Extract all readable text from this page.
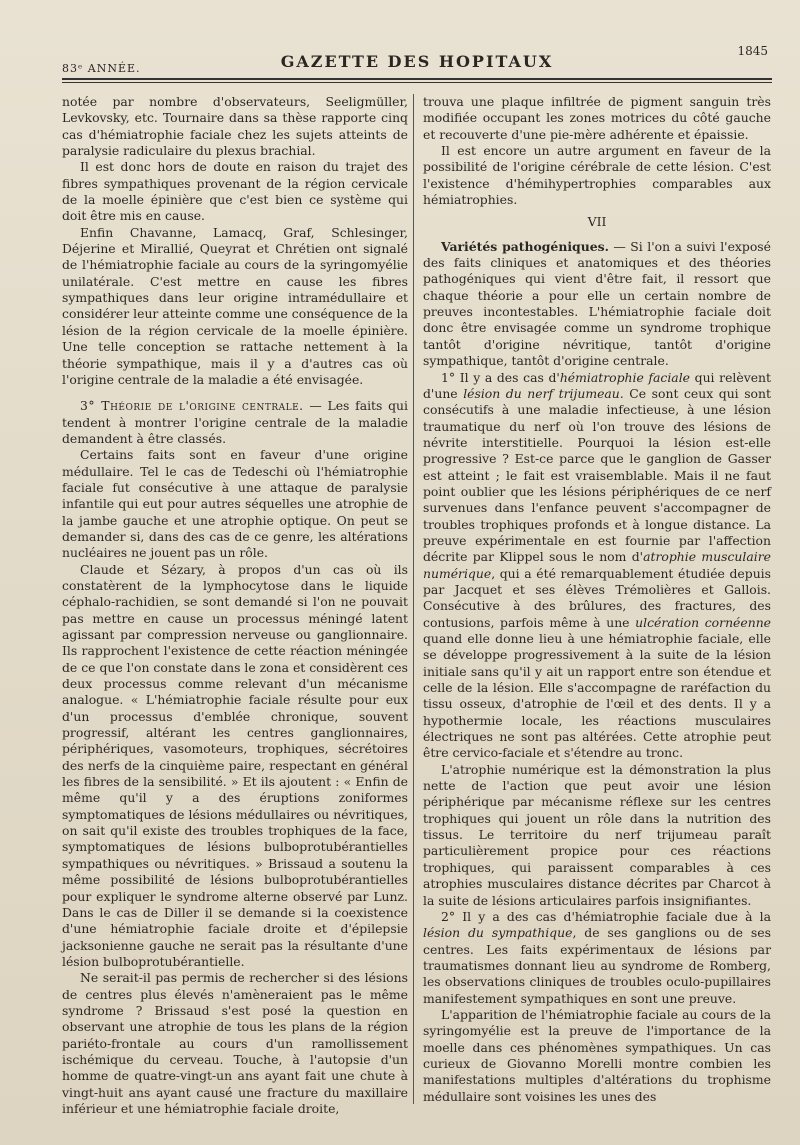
83ᵉ ANNÉE.	GAZETTE DES HOPITAUX
1845

notée par nombre d'observateurs, Seeligmüller, Levkovsky, etc. Tournaire dans sa thèse rapporte cinq cas d'hémiatrophie faciale chez les sujets atteints de paralysie radiculaire du plexus brachial.

Il est donc hors de doute en raison du trajet des fibres sympathiques provenant de la région cervicale de la moelle épinière que c'est bien ce système qui doit être mis en cause.

Enfin Chavanne, Lamacq, Graf, Schlesinger, Déjerine et Mirallié, Queyrat et Chrétien ont signalé de l'hémiatrophie faciale au cours de la syringomyélie unilatérale. C'est mettre en cause les fibres sympathiques dans leur origine intramédullaire et considérer leur atteinte comme une conséquence de la lésion de la région cervicale de la moelle épinière. Une telle conception se rattache nettement à la théorie sympathique, mais il y a d'autres cas où l'origine centrale de la maladie a été envisagée.

3° Théorie de l'origine centrale. — Les faits qui tendent à montrer l'origine centrale de la maladie demandent à être classés.

Certains faits sont en faveur d'une origine médullaire. Tel le cas de Tedeschi où l'hémiatrophie faciale fut consécutive à une attaque de paralysie infantile qui eut pour autres séquelles une atrophie de la jambe gauche et une atrophie optique. On peut se demander si, dans des cas de ce genre, les altérations nucléaires ne jouent pas un rôle.

Claude et Sézary, à propos d'un cas où ils constatèrent de la lymphocytose dans le liquide céphalo-rachidien, se sont demandé si l'on ne pouvait pas mettre en cause un processus méningé latent agissant par compression nerveuse ou ganglionnaire. Ils rapprochent l'existence de cette réaction méningée de ce que l'on constate dans le zona et considèrent ces deux processus comme relevant d'un mécanisme analogue. « L'hémiatrophie faciale résulte pour eux d'un processus d'emblée chronique, souvent progressif, altérant les centres ganglionnaires, périphériques, vasomoteurs, trophiques, sécrétoires des nerfs de la cinquième paire, respectant en général les fibres de la sensibilité. » Et ils ajoutent : « Enfin de même qu'il y a des éruptions zoniformes symptomatiques de lésions médullaires ou névritiques, on sait qu'il existe des troubles trophiques de la face, symptomatiques de lésions bulboprotubérantielles sympathiques ou névritiques. » Brissaud a soutenu la même possibilité de lésions bulboprotubérantielles pour expliquer le syndrome alterne observé par Lunz. Dans le cas de Diller il se demande si la coexistence d'une hémiatrophie faciale droite et d'épilepsie jacksonienne gauche ne serait pas la résultante d'une lésion bulboprotubérantielle.

Ne serait-il pas permis de rechercher si des lésions de centres plus élevés n'amèneraient pas le même syndrome ? Brissaud s'est posé la question en observant une atrophie de tous les plans de la région pariéto-frontale au cours d'un ramollissement ischémique du cerveau. Touche, à l'autopsie d'un homme de quatre-vingt-un ans ayant fait une chute à vingt-huit ans ayant causé une fracture du maxillaire inférieur et une hémiatrophie faciale droite,

trouva une plaque infiltrée de pigment sanguin très modifiée occupant les zones motrices du côté gauche et recouverte d'une pie-mère adhérente et épaissie.

Il est encore un autre argument en faveur de la possibilité de l'origine cérébrale de cette lésion. C'est l'existence d'hémihypertrophies comparables aux hémiatrophies.

VII

Variétés pathogéniques. — Si l'on a suivi l'exposé des faits cliniques et anatomiques et des théories pathogéniques qui vient d'être fait, il ressort que chaque théorie a pour elle un certain nombre de preuves incontestables. L'hémiatrophie faciale doit donc être envisagée comme un syndrome trophique tantôt d'origine névritique, tantôt d'origine sympathique, tantôt d'origine centrale.

1° Il y a des cas d'hémiatrophie faciale qui relèvent d'une lésion du nerf trijumeau. Ce sont ceux qui sont consécutifs à une maladie infectieuse, à une lésion traumatique du nerf où l'on trouve des lésions de névrite interstitielle. Pourquoi la lésion est-elle progressive ? Est-ce parce que le ganglion de Gasser est atteint ; le fait est vraisemblable. Mais il ne faut point oublier que les lésions périphériques de ce nerf survenues dans l'enfance peuvent s'accompagner de troubles trophiques profonds et à longue distance. La preuve expérimentale en est fournie par l'affection décrite par Klippel sous le nom d'atrophie musculaire numérique, qui a été remarquablement étudiée depuis par Jacquet et ses élèves Trémolières et Gallois. Consécutive à des brûlures, des fractures, des contusions, parfois même à une ulcération cornéenne quand elle donne lieu à une hémiatrophie faciale, elle se développe progressivement à la suite de la lésion initiale sans qu'il y ait un rapport entre son étendue et celle de la lésion. Elle s'accompagne de raréfaction du tissu osseux, d'atrophie de l'œil et des dents. Il y a hypothermie locale, les réactions musculaires électriques ne sont pas altérées. Cette atrophie peut être cervico-faciale et s'étendre au tronc.

L'atrophie numérique est la démonstration la plus nette de l'action que peut avoir une lésion périphérique par mécanisme réflexe sur les centres trophiques qui jouent un rôle dans la nutrition des tissus. Le territoire du nerf trijumeau paraît particulièrement propice pour ces réactions trophiques, qui paraissent comparables à ces atrophies musculaires distance décrites par Charcot à la suite de lésions articulaires parfois insignifiantes.

2° Il y a des cas d'hémiatrophie faciale due à la lésion du sympathique, de ses ganglions ou de ses centres. Les faits expérimentaux de lésions par traumatismes donnant lieu au syndrome de Romberg, les observations cliniques de troubles oculo-pupillaires manifestement sympathiques en sont une preuve.

L'apparition de l'hémiatrophie faciale au cours de la syringomyélie est la preuve de l'importance de la moelle dans ces phénomènes sympathiques. Un cas curieux de Giovanno Morelli montre combien les manifestations multiples d'altérations du trophisme médullaire sont voisines les unes des
